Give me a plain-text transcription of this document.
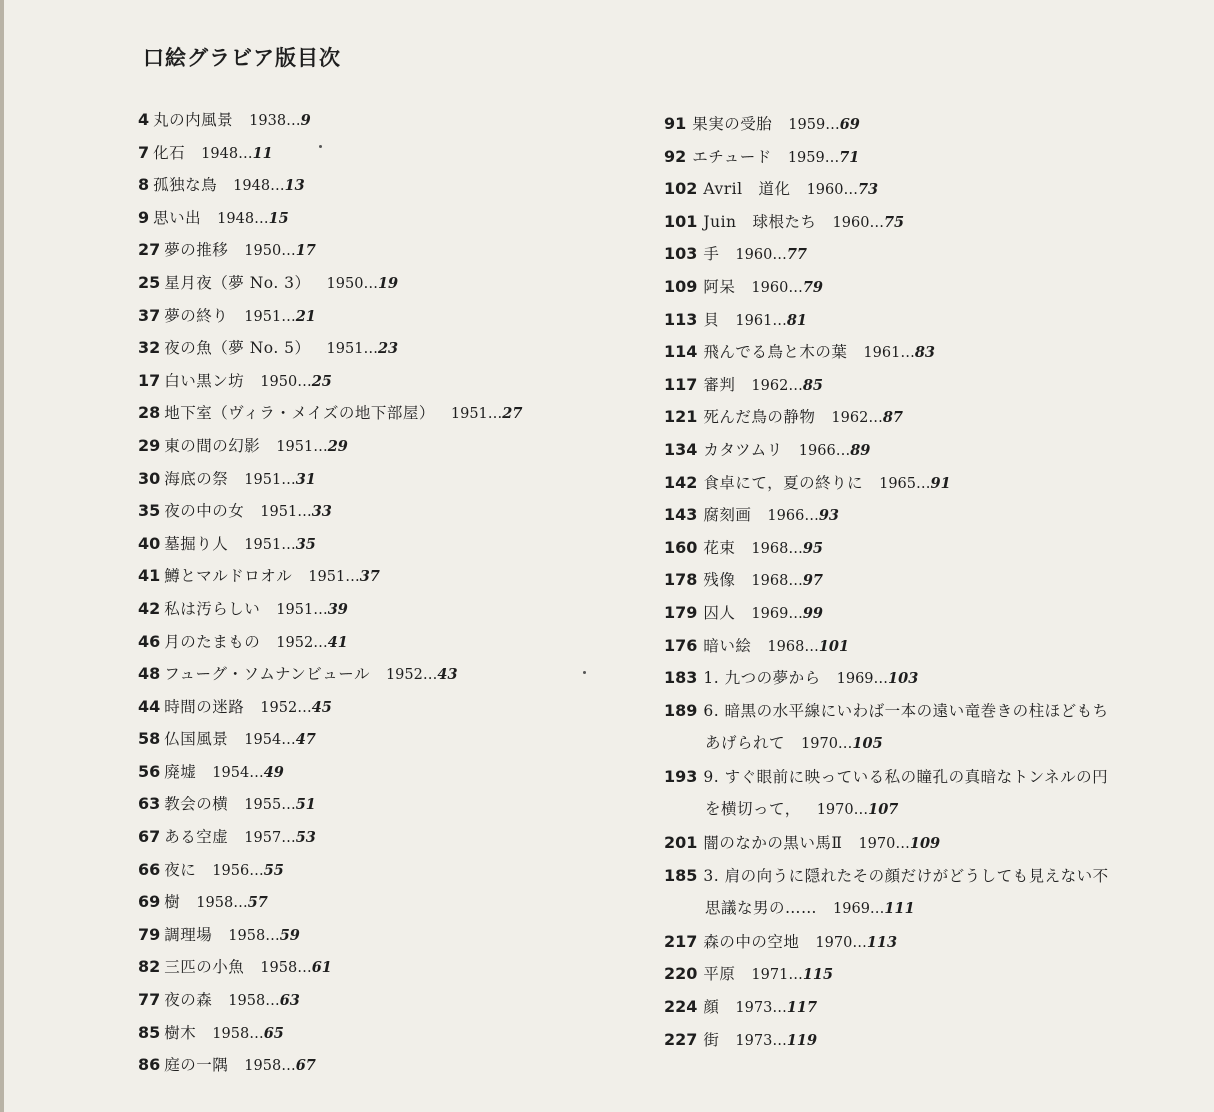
口絵グラビア版目次
4 丸の内風景 1938…9
7 化石 1948…11
8 孤独な鳥 1948…13
9 思い出 1948…15
27 夢の推移 1950…17
25 星月夜（夢 No. 3） 1950…19
37 夢の終り 1951…21
32 夜の魚（夢 No. 5） 1951…23
17 白い黒ン坊 1950…25
28 地下室（ヴィラ・メイズの地下部屋） 1951…27
29 東の間の幻影 1951…29
30 海底の祭 1951…31
35 夜の中の女 1951…33
40 墓掘り人 1951…35
41 鱒とマルドロオル 1951…37
42 私は汚らしい 1951…39
46 月のたまもの 1952…41
48 フューグ・ソムナンビュール 1952…43
44 時間の迷路 1952…45
58 仏国風景 1954…47
56 廃墟 1954…49
63 教会の横 1955…51
67 ある空虚 1957…53
66 夜に 1956…55
69 樹 1958…57
79 調理場 1958…59
82 三匹の小魚 1958…61
77 夜の森 1958…63
85 樹木 1958…65
86 庭の一隅 1958…67
91 果実の受胎 1959…69
92 エチュード 1959…71
102 Avril　道化 1960…73
101 Juin　球根たち 1960…75
103 手 1960…77
109 阿呆 1960…79
113 貝 1961…81
114 飛んでる鳥と木の葉 1961…83
117 審判 1962…85
121 死んだ鳥の静物 1962…87
134 カタツムリ 1966…89
142 食卓にて，夏の終りに 1965…91
143 腐刻画 1966…93
160 花束 1968…95
178 残像 1968…97
179 囚人 1969…99
176 暗い絵 1968…101
183 1. 九つの夢から 1969…103
189 6. 暗黒の水平線にいわば一本の遠い竜巻きの柱ほどもち
あげられて 1970…105
193 9. すぐ眼前に映っている私の瞳孔の真暗なトンネルの円
を横切って， 1970…107
201 闇のなかの黒い馬Ⅱ 1970…109
185 3. 肩の向うに隠れたその顔だけがどうしても見えない不
思議な男の…… 1969…111
217 森の中の空地 1970…113
220 平原 1971…115
224 顔 1973…117
227 街 1973…119
